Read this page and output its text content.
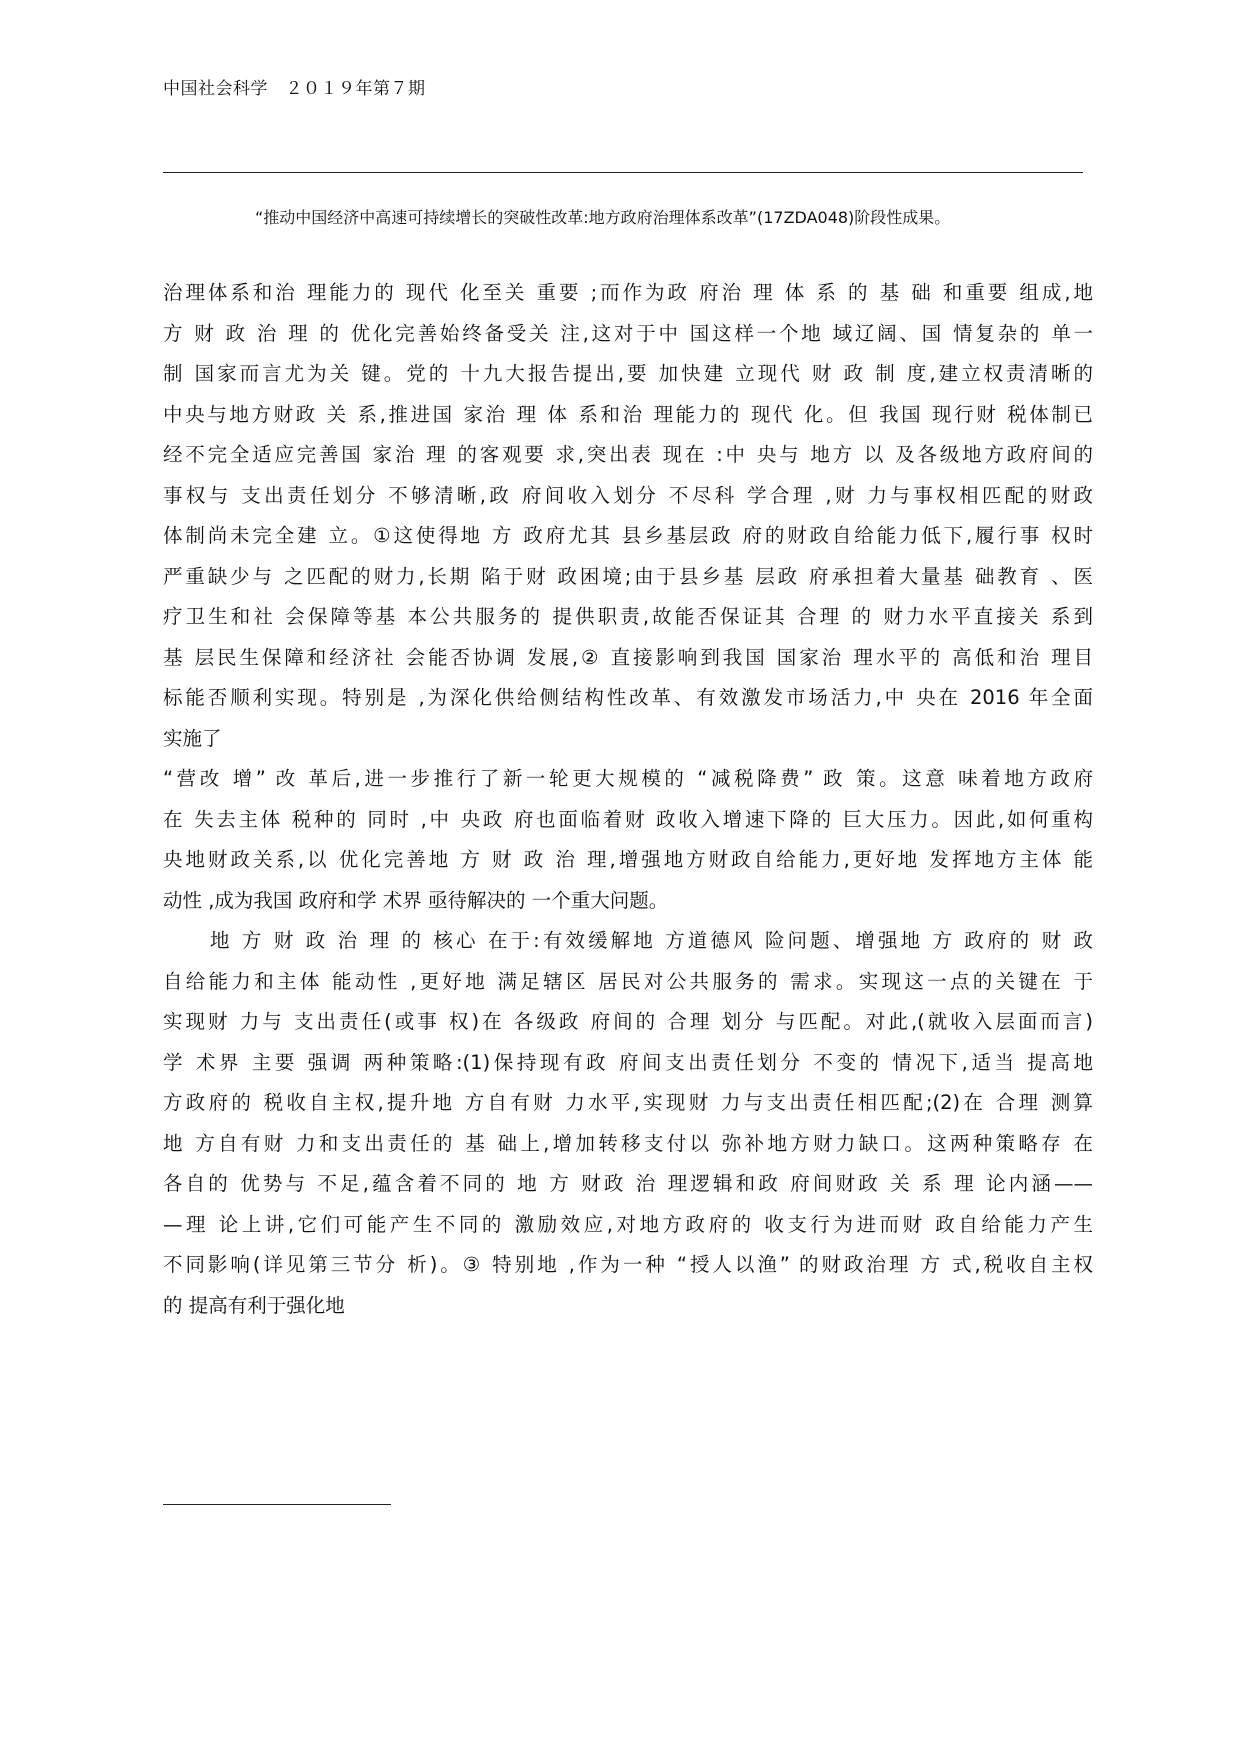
中国社会科学　２０１９年第７期
“推动中国经济中高速可持续增长的突破性改革:地方政府治理体系改革”(17ZDA048)阶段性成果。
治理体系和治 理能力的 现代 化至关 重要 ;而作为政 府治 理 体 系 的 基 础 和重要 组成,地
方 财 政 治 理 的 优化完善始终备受关 注,这对于中 国这样一个地 域辽阔、国 情复杂的 单一
制 国家而言尤为关 键。党的 十九大报告提出,要 加快建 立现代 财 政 制 度,建立权责清晰的
中央与地方财政 关 系,推进国 家治 理 体 系和治 理能力的 现代 化。但 我国 现行财 税体制已
经不完全适应完善国 家治 理 的客观要 求,突出表 现在 :中 央与 地方 以 及各级地方政府间的
事权与 支出责任划分 不够清晰,政 府间收入划分 不尽科 学合理 ,财 力与事权相匹配的财政
体制尚未完全建 立。①这使得地 方 政府尤其 县乡基层政 府的财政自给能力低下,履行事 权时
严重缺少与 之匹配的财力,长期 陷于财 政困境;由于县乡基 层政 府承担着大量基 础教育 、医
疗卫生和社 会保障等基 本公共服务的 提供职责,故能否保证其 合理 的 财力水平直接关 系到
基 层民生保障和经济社 会能否协调 发展,② 直接影响到我国 国家治 理水平的 高低和治 理目
标能否顺利实现。特别是 ,为深化供给侧结构性改革、有效激发市场活力,中 央在 2016 年全面
实施了
“营改 增” 改 革后,进一步推行了新一轮更大规模的 “减税降费” 政 策。这意 味着地方政府
在 失去主体 税种的 同时 ,中 央政 府也面临着财 政收入增速下降的 巨大压力。因此,如何重构
央地财政关系,以 优化完善地 方 财 政 治 理,增强地方财政自给能力,更好地 发挥地方主体 能
动性 ,成为我国 政府和学 术界 亟待解决的 一个重大问题。
地 方 财 政 治 理 的 核心 在于:有效缓解地 方道德风 险问题、增强地 方 政府的 财 政
自给能力和主体 能动性 ,更好地 满足辖区 居民对公共服务的 需求。实现这一点的关键在 于
实现财 力与 支出责任(或事 权)在 各级政 府间的 合理 划分 与匹配。对此,(就收入层面而言)
学 术界 主要 强调 两种策略:(1)保持现有政 府间支出责任划分 不变的 情况下,适当 提高地
方政府的 税收自主权,提升地 方自有财 力水平,实现财 力与支出责任相匹配;(2)在 合理 测算
地 方自有财 力和支出责任的 基 础上,增加转移支付以 弥补地方财力缺口。这两种策略存 在
各自的 优势与 不足,蕴含着不同的 地 方 财政 治 理逻辑和政 府间财政 关 系 理 论内涵——
—理 论上讲,它们可能产生不同的 激励效应,对地方政府的 收支行为进而财 政自给能力产生
不同影响(详见第三节分 析)。③ 特别地 ,作为一种 “授人以渔” 的财政治理 方 式,税收自主权
的 提高有利于强化地
